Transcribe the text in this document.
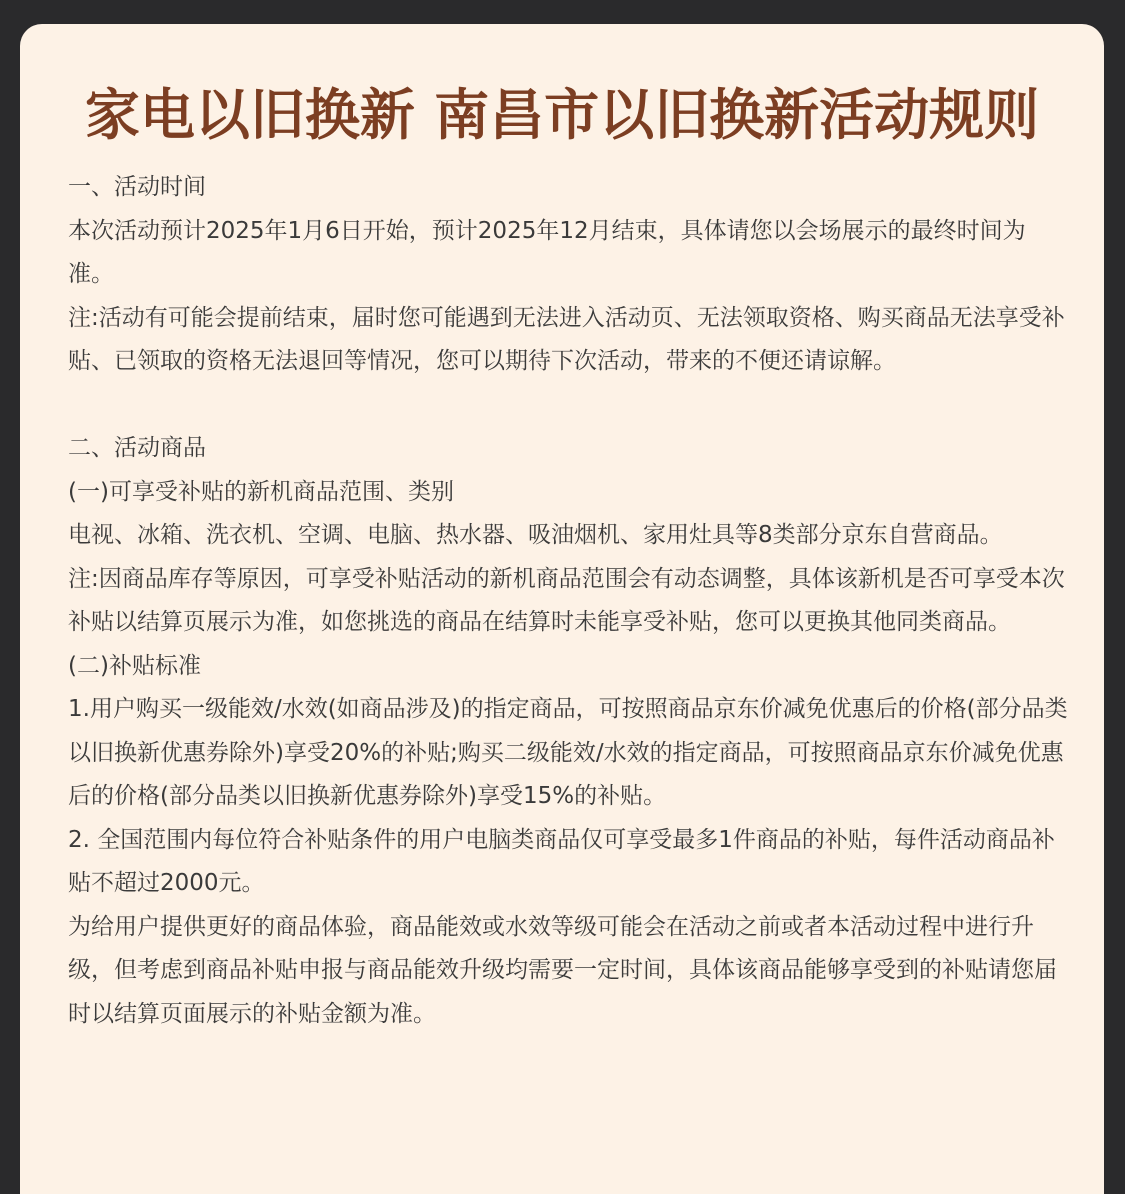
家电以旧换新 南昌市以旧换新活动规则

一、活动时间

本次活动预计2025年1月6日开始，预计2025年12月结束，具体请您以会场展示的最终时间为准。

注:活动有可能会提前结束，届时您可能遇到无法进入活动页、无法领取资格、购买商品无法享受补贴、已领取的资格无法退回等情况，您可以期待下次活动，带来的不便还请谅解。

二、活动商品

(一)可享受补贴的新机商品范围、类别

电视、冰箱、洗衣机、空调、电脑、热水器、吸油烟机、家用灶具等8类部分京东自营商品。

注:因商品库存等原因，可享受补贴活动的新机商品范围会有动态调整，具体该新机是否可享受本次补贴以结算页展示为准，如您挑选的商品在结算时未能享受补贴，您可以更换其他同类商品。

(二)补贴标准

1.用户购买一级能效/水效(如商品涉及)的指定商品，可按照商品京东价减免优惠后的价格(部分品类以旧换新优惠券除外)享受20%的补贴;购买二级能效/水效的指定商品，可按照商品京东价减免优惠后的价格(部分品类以旧换新优惠券除外)享受15%的补贴。

2. 全国范围内每位符合补贴条件的用户电脑类商品仅可享受最多1件商品的补贴，每件活动商品补贴不超过2000元。

为给用户提供更好的商品体验，商品能效或水效等级可能会在活动之前或者本活动过程中进行升级，但考虑到商品补贴申报与商品能效升级均需要一定时间，具体该商品能够享受到的补贴请您届时以结算页面展示的补贴金额为准。
